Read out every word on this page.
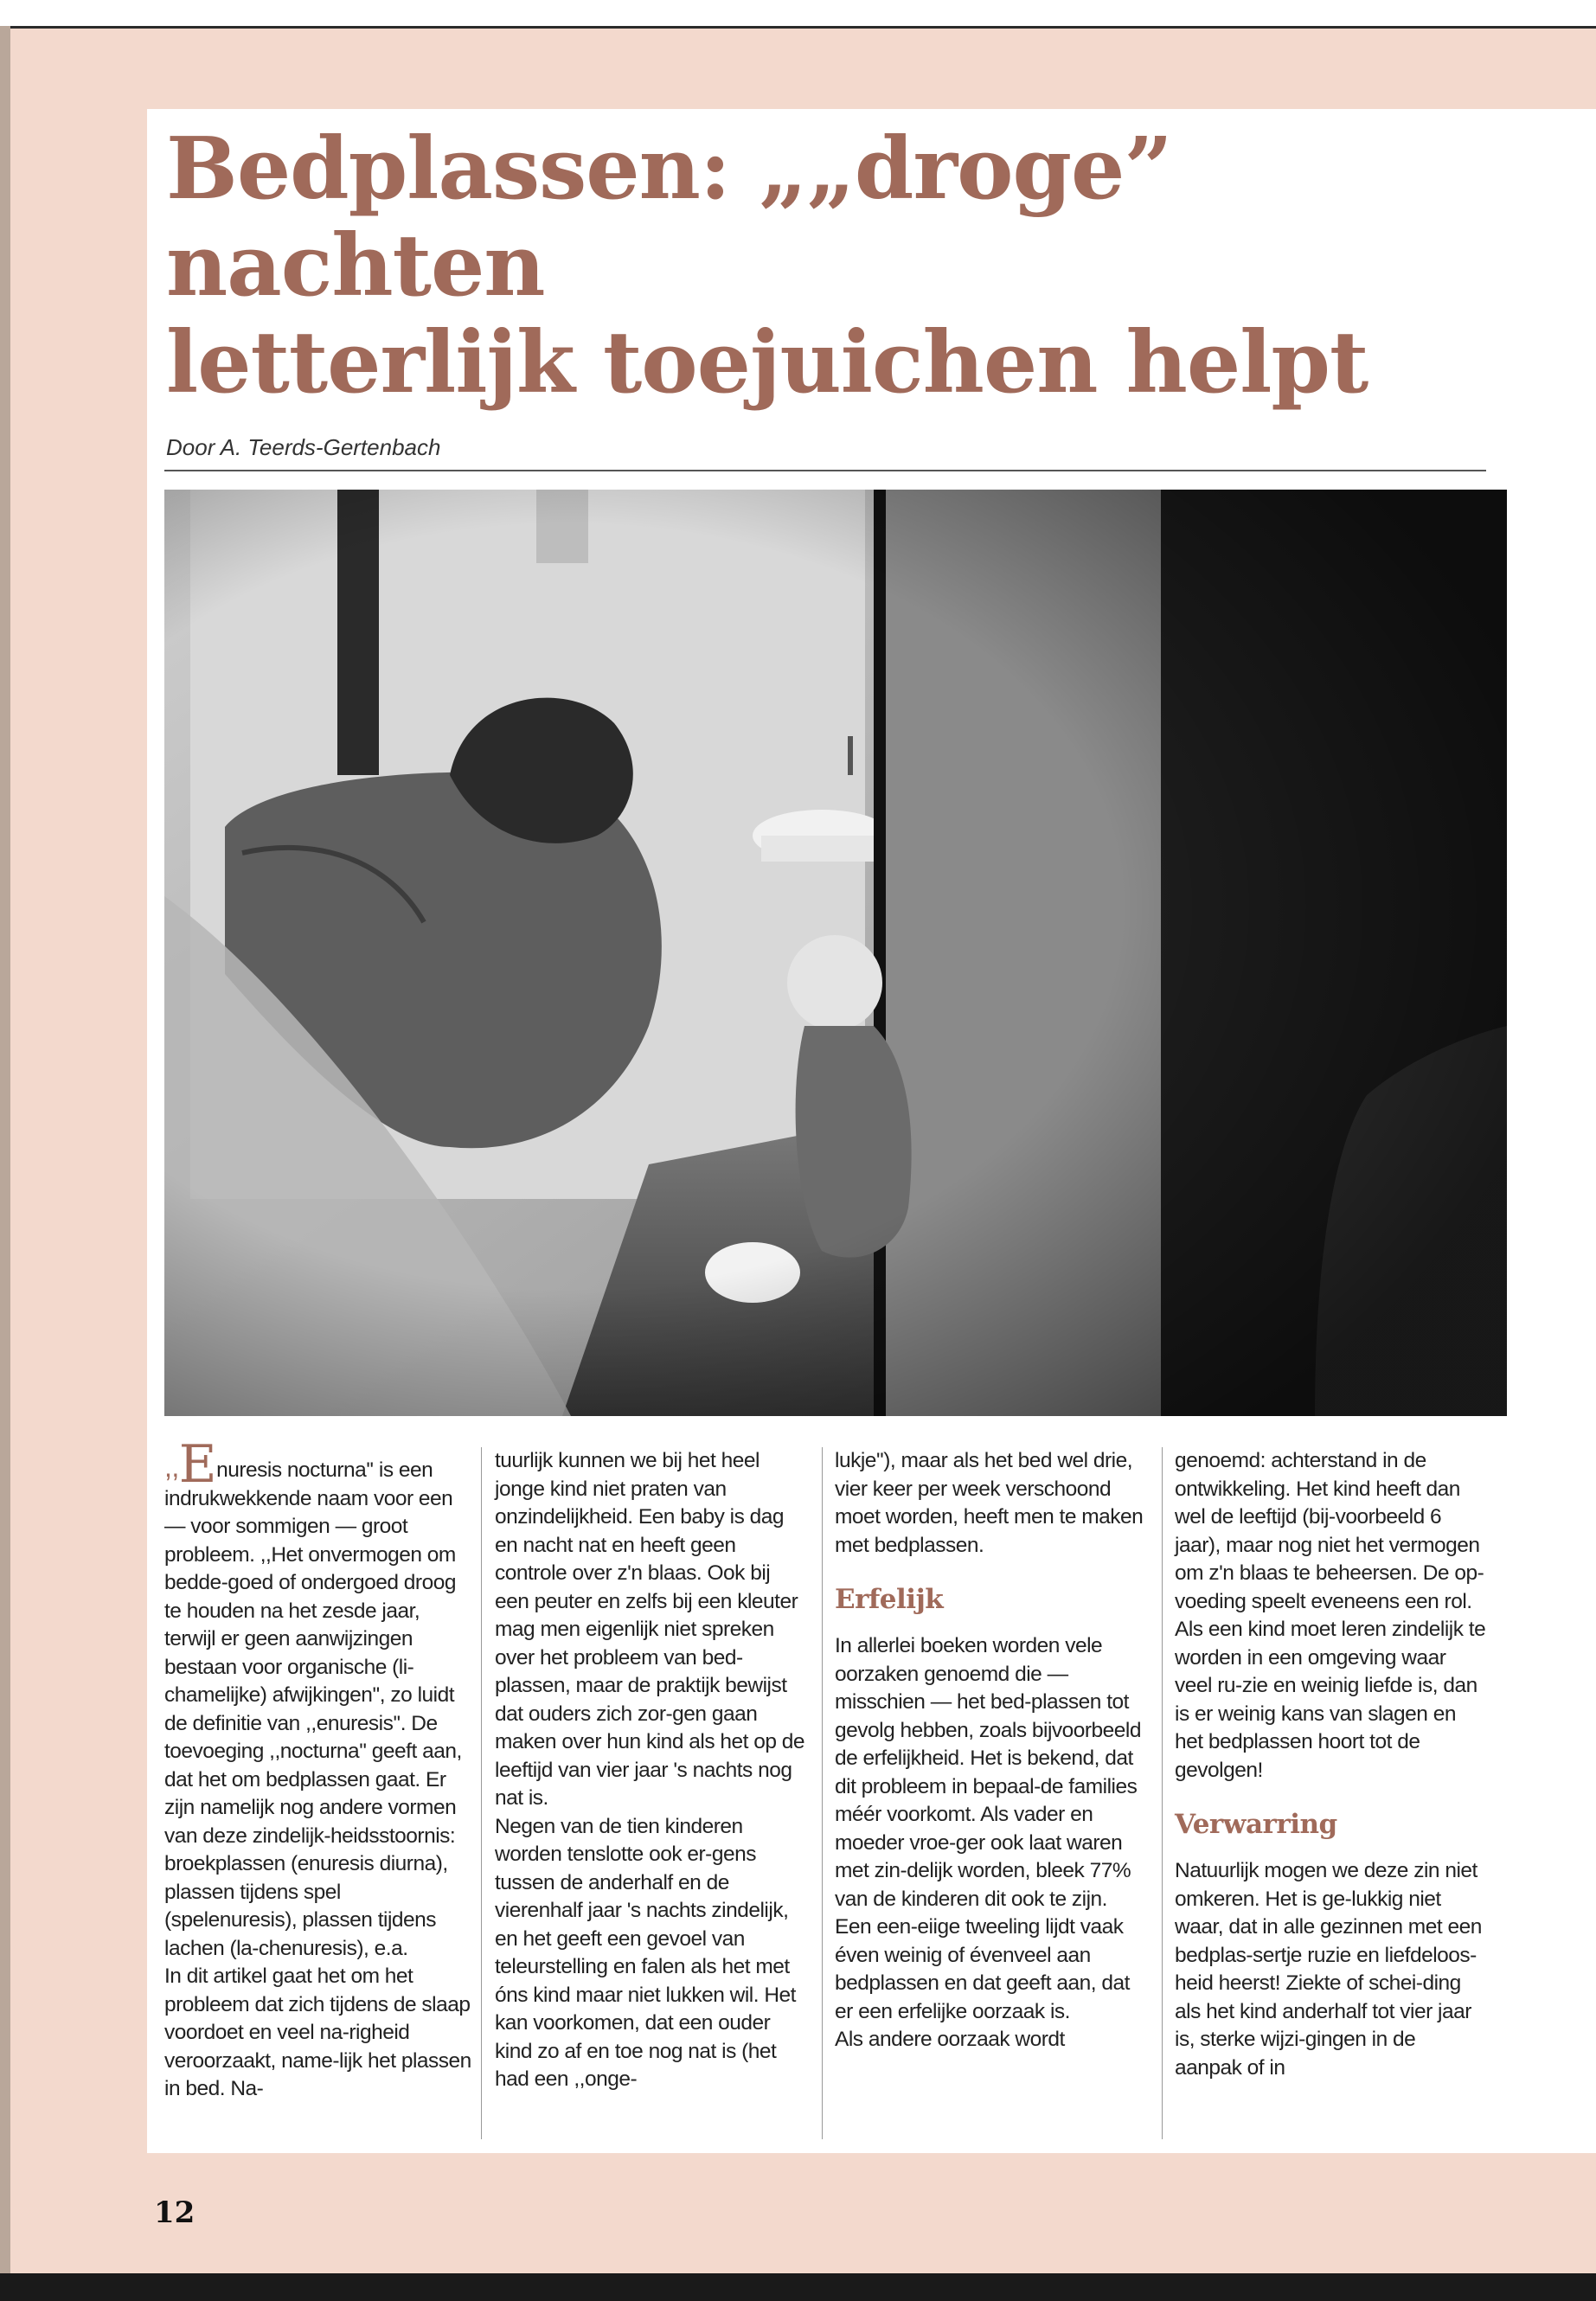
Bedplassen: „„droge” nachten
letterlijk toejuichen helpt
Door A. Teerds-Gertenbach

,,Enuresis nocturna'' is een indrukwekkende naam voor een — voor sommigen — groot probleem. ,,Het onvermogen om bedde-goed of ondergoed droog te houden na het zesde jaar, terwijl er geen aanwijzingen bestaan voor organische (li-chamelijke) afwijkingen'', zo luidt de definitie van ,,enuresis''. De toevoeging ,,nocturna'' geeft aan, dat het om bedplassen gaat. Er zijn namelijk nog andere vormen van deze zindelijk-heidsstoornis: broekplassen (enuresis diurna), plassen tijdens spel (spelenuresis), plassen tijdens lachen (la-chenuresis), e.a.

In dit artikel gaat het om het probleem dat zich tijdens de slaap voordoet en veel na-righeid veroorzaakt, name-lijk het plassen in bed. Na-

tuurlijk kunnen we bij het heel jonge kind niet praten van onzindelijkheid. Een baby is dag en nacht nat en heeft geen controle over z'n blaas. Ook bij een peuter en zelfs bij een kleuter mag men eigenlijk niet spreken over het probleem van bed-plassen, maar de praktijk bewijst dat ouders zich zor-gen gaan maken over hun kind als het op de leeftijd van vier jaar 's nachts nog nat is.

Negen van de tien kinderen worden tenslotte ook er-gens tussen de anderhalf en de vierenhalf jaar 's nachts zindelijk, en het geeft een gevoel van teleurstelling en falen als het met óns kind maar niet lukken wil. Het kan voorkomen, dat een ouder kind zo af en toe nog nat is (het had een ,,onge-

lukje''), maar als het bed wel drie, vier keer per week verschoond moet worden, heeft men te maken met bedplassen.

Erfelijk

In allerlei boeken worden vele oorzaken genoemd die — misschien — het bed-plassen tot gevolg hebben, zoals bijvoorbeeld de erfelijkheid. Het is bekend, dat dit probleem in bepaal-de families méér voorkomt. Als vader en moeder vroe-ger ook laat waren met zin-delijk worden, bleek 77% van de kinderen dit ook te zijn. Een een-eiige tweeling lijdt vaak éven weinig of évenveel aan bedplassen en dat geeft aan, dat er een erfelijke oorzaak is.

Als andere oorzaak wordt

genoemd: achterstand in de ontwikkeling. Het kind heeft dan wel de leeftijd (bij-voorbeeld 6 jaar), maar nog niet het vermogen om z'n blaas te beheersen. De op-voeding speelt eveneens een rol. Als een kind moet leren zindelijk te worden in een omgeving waar veel ru-zie en weinig liefde is, dan is er weinig kans van slagen en het bedplassen hoort tot de gevolgen!

Verwarring

Natuurlijk mogen we deze zin niet omkeren. Het is ge-lukkig niet waar, dat in alle gezinnen met een bedplas-sertje ruzie en liefdeloos-heid heerst! Ziekte of schei-ding als het kind anderhalf tot vier jaar is, sterke wijzi-gingen in de aanpak of in

12
